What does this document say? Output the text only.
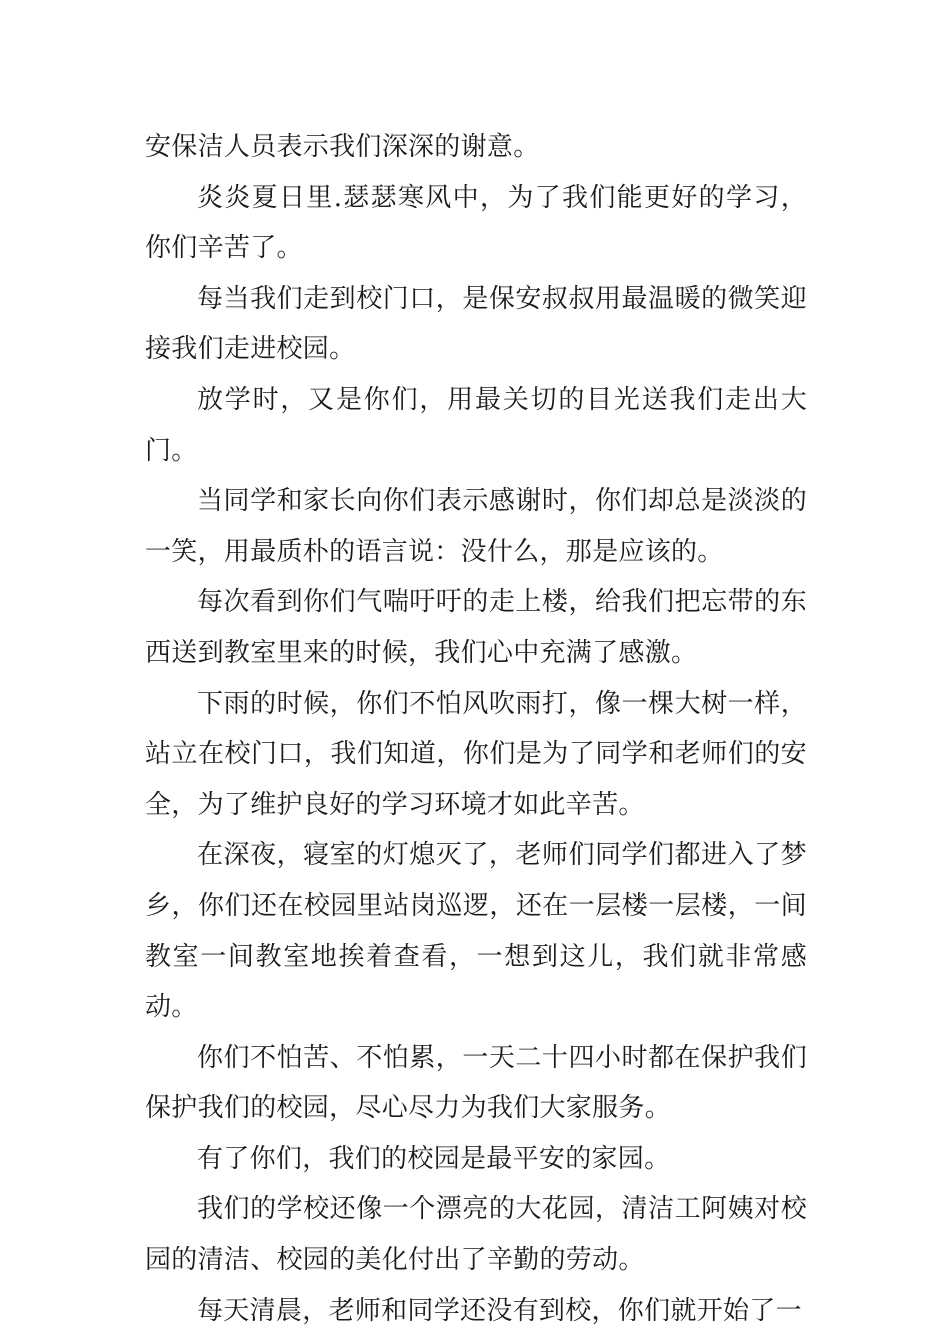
安保洁人员表示我们深深的谢意。

炎炎夏日里.瑟瑟寒风中，为了我们能更好的学习，你们辛苦了。

每当我们走到校门口，是保安叔叔用最温暖的微笑迎接我们走进校园。

放学时，又是你们，用最关切的目光送我们走出大门。

当同学和家长向你们表示感谢时，你们却总是淡淡的一笑，用最质朴的语言说：没什么，那是应该的。

每次看到你们气喘吁吁的走上楼，给我们把忘带的东西送到教室里来的时候，我们心中充满了感激。

下雨的时候，你们不怕风吹雨打，像一棵大树一样，站立在校门口，我们知道，你们是为了同学和老师们的安全，为了维护良好的学习环境才如此辛苦。

在深夜，寝室的灯熄灭了，老师们同学们都进入了梦乡，你们还在校园里站岗巡逻，还在一层楼一层楼，一间教室一间教室地挨着查看，一想到这儿，我们就非常感动。

你们不怕苦、不怕累，一天二十四小时都在保护我们保护我们的校园，尽心尽力为我们大家服务。

有了你们，我们的校园是最平安的家园。

我们的学校还像一个漂亮的大花园，清洁工阿姨对校园的清洁、校园的美化付出了辛勤的劳动。

每天清晨，老师和同学还没有到校，你们就开始了一
